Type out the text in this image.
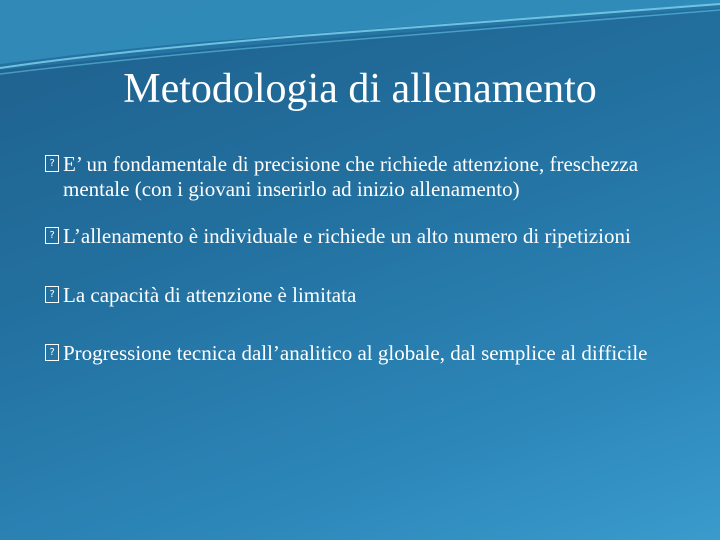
Metodologia di allenamento
? E’ un fondamentale di precisione che richiede attenzione, freschezza mentale (con i giovani inserirlo ad inizio allenamento)
? L’allenamento è individuale e richiede un alto numero di ripetizioni
? La capacità di attenzione è limitata
? Progressione tecnica dall’analitico al globale, dal semplice al difficile
